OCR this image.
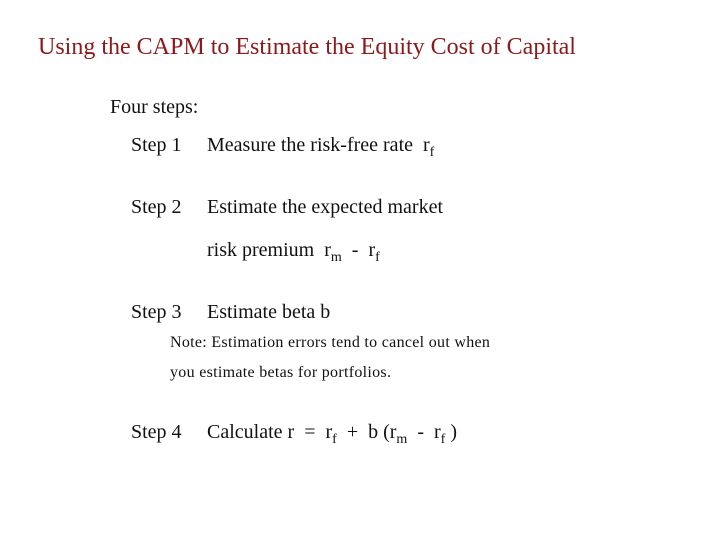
Using the CAPM to Estimate the Equity Cost of Capital
Four steps:
Step 1 Measure the risk-free rate $r_f$
Step 2 Estimate the expected market
risk premium $r_m - r_f$
Step 3 Estimate beta b
Note: Estimation errors tend to cancel out when
you estimate betas for portfolios.
Step 4 Calculate $r = r_f + b$ ($r_m - r_f$ )
